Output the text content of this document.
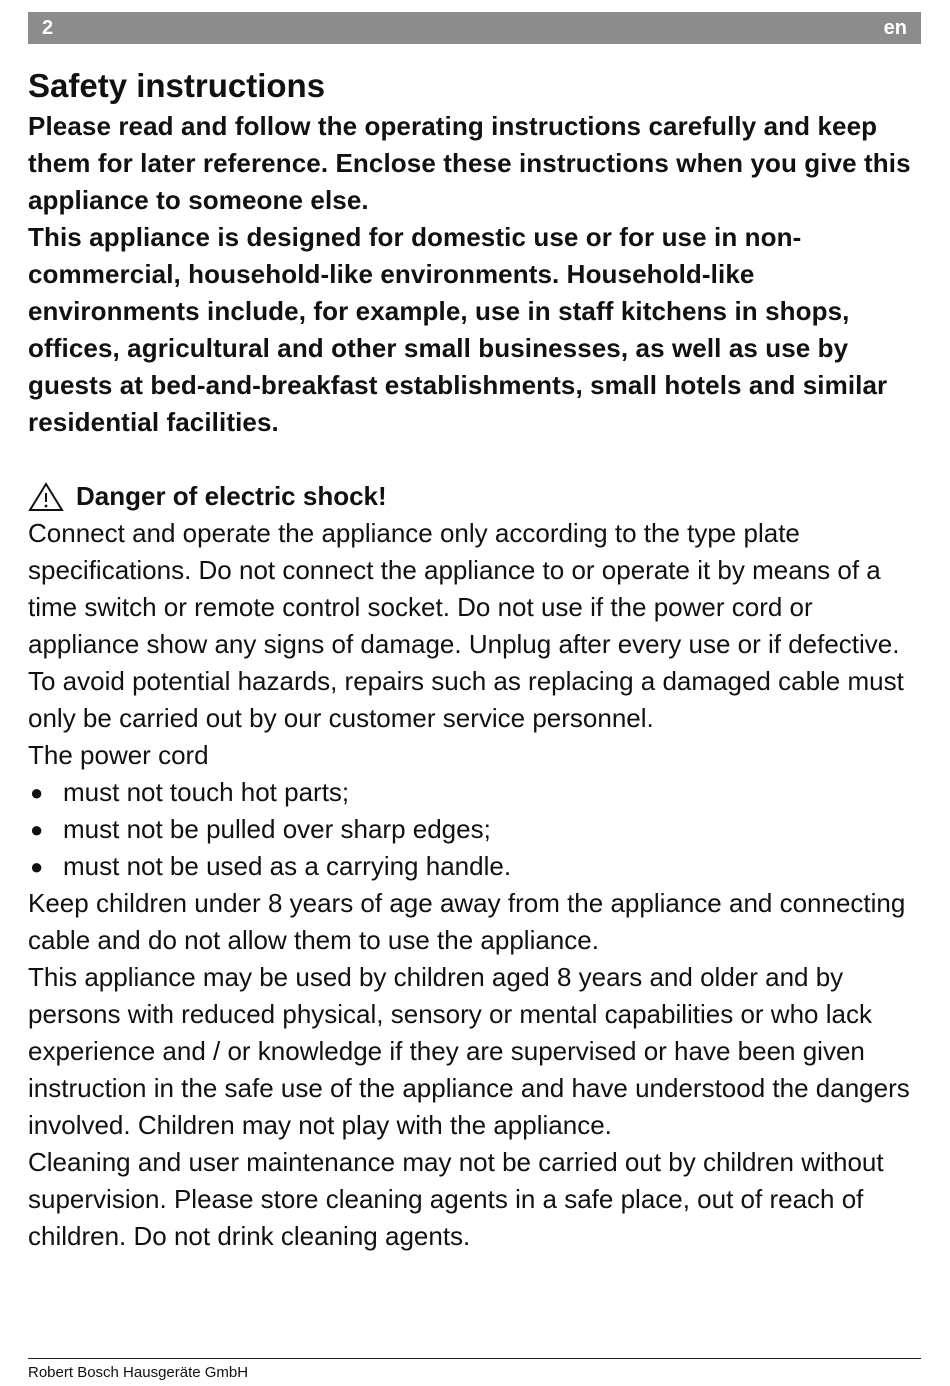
2	en
Safety instructions

Please read and follow the operating instructions carefully and keep them for later reference. Enclose these instructions when you give this appliance to someone else.

This appliance is designed for domestic use or for use in non-commercial, household-like environments. Household-like environments include, for example, use in staff kitchens in shops, offices, agricultural and other small businesses, as well as use by guests at bed-and-breakfast establishments, small hotels and similar residential facilities.

Danger of electric shock!

Connect and operate the appliance only according to the type plate specifications. Do not connect the appliance to or operate it by means of a time switch or remote control socket. Do not use if the power cord or appliance show any signs of damage. Unplug after every use or if defective.

To avoid potential hazards, repairs such as replacing a damaged cable must only be carried out by our customer service personnel.

The power cord

● must not touch hot parts;
● must not be pulled over sharp edges;
● must not be used as a carrying handle.

Keep children under 8 years of age away from the appliance and connecting cable and do not allow them to use the appliance.

This appliance may be used by children aged 8 years and older and by persons with reduced physical, sensory or mental capabilities or who lack experience and / or knowledge if they are supervised or have been given instruction in the safe use of the appliance and have understood the dangers involved. Children may not play with the appliance.

Cleaning and user maintenance may not be carried out by children without supervision. Please store cleaning agents in a safe place, out of reach of children. Do not drink cleaning agents.

Robert Bosch Hausgeräte GmbH
